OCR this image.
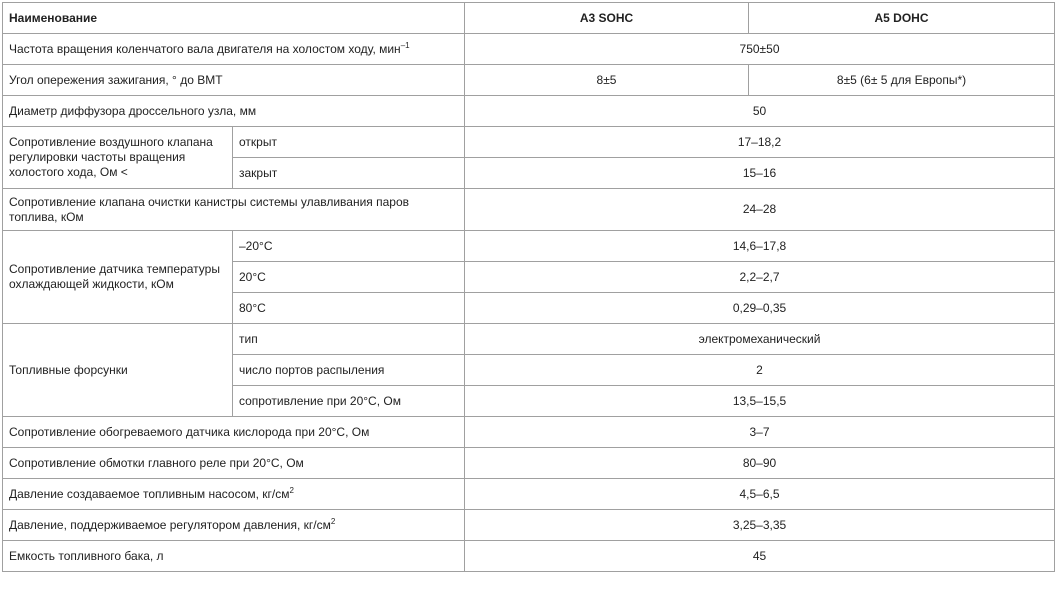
Наименование		A3 SOHC	A5 DOHC
Частота вращения коленчатого вала двигателя на холостом ходу, мин$^{-1}$		750±50	
Угол опережения зажигания, ° до ВМТ		8±5	8±5 (6± 5 для Европы*)
Диаметр диффузора дроссельного узла, мм		50	
Сопротивление воздушного клапана регулировки частоты вращения холостого хода, Ом <	открыт	17–18,2	
	закрыт	15–16	
Сопротивление клапана очистки канистры системы улавливания паров топлива, кОм		24–28	
Сопротивление датчика температуры охлаждающей жидкости, кОм	–20°C	14,6–17,8	
	20°C	2,2–2,7	
	80°C	0,29–0,35	
Топливные форсунки	тип	электромеханический	
	число портов распыления	2	
	сопротивление при 20°C, Ом	13,5–15,5	
Сопротивление обогреваемого датчика кислорода при 20°C, Ом		3–7	
Сопротивление обмотки главного реле при 20°C, Ом		80–90	
Давление создаваемое топливным насосом, $кг/см^2$		4,5–6,5	
Давление, поддерживаемое регулятором давления, $кг/см^2$		3,25–3,35	
Емкость топливного бака, л		45	
